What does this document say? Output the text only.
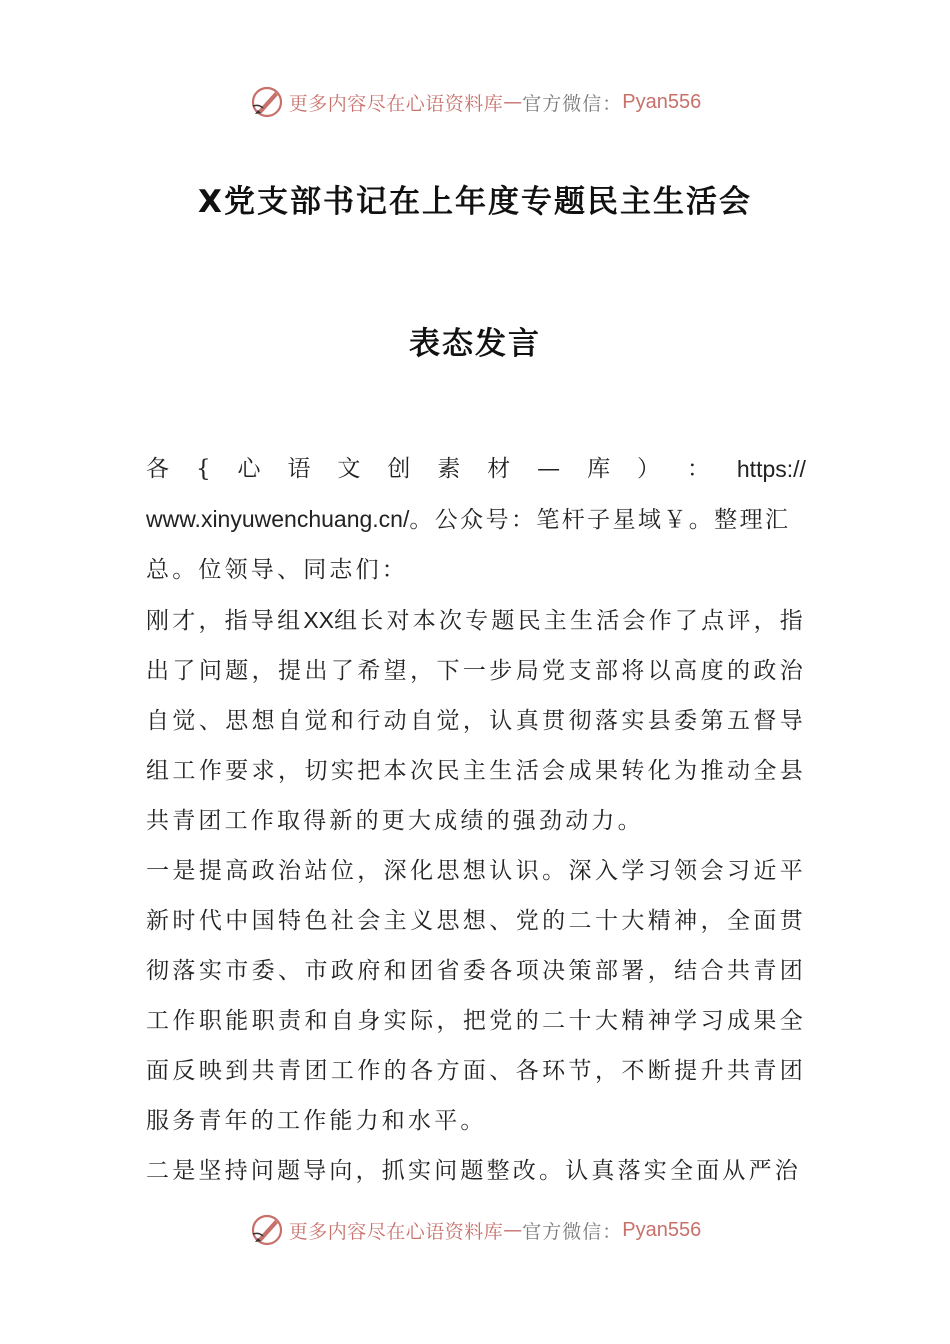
更多内容尽在心语资料库 — 官方微信： Pyan556
X党支部书记在上年度专题民主生活会
表态发言
各 { 心 语 文 创 素 材 — 库 ） ： https://

www.xinyuwenchuang.cn/。公众号：笔杆子星域￥。整理汇

总。位领导、同志们：

刚才，指导组XX组长对本次专题民主生活会作了点评，指出了问题，提出了希望，下一步局党支部将以高度的政治自觉、思想自觉和行动自觉，认真贯彻落实县委第五督导组工作要求，切实把本次民主生活会成果转化为推动全县共青团工作取得新的更大成绩的强劲动力。

一是提高政治站位，深化思想认识。深入学习领会习近平新时代中国特色社会主义思想、党的二十大精神，全面贯彻落实市委、市政府和团省委各项决策部署，结合共青团工作职能职责和自身实际，把党的二十大精神学习成果全面反映到共青团工作的各方面、各环节，不断提升共青团服务青年的工作能力和水平。

二是坚持问题导向，抓实问题整改。认真落实全面从严治

更多内容尽在心语资料库 — 官方微信： Pyan556
